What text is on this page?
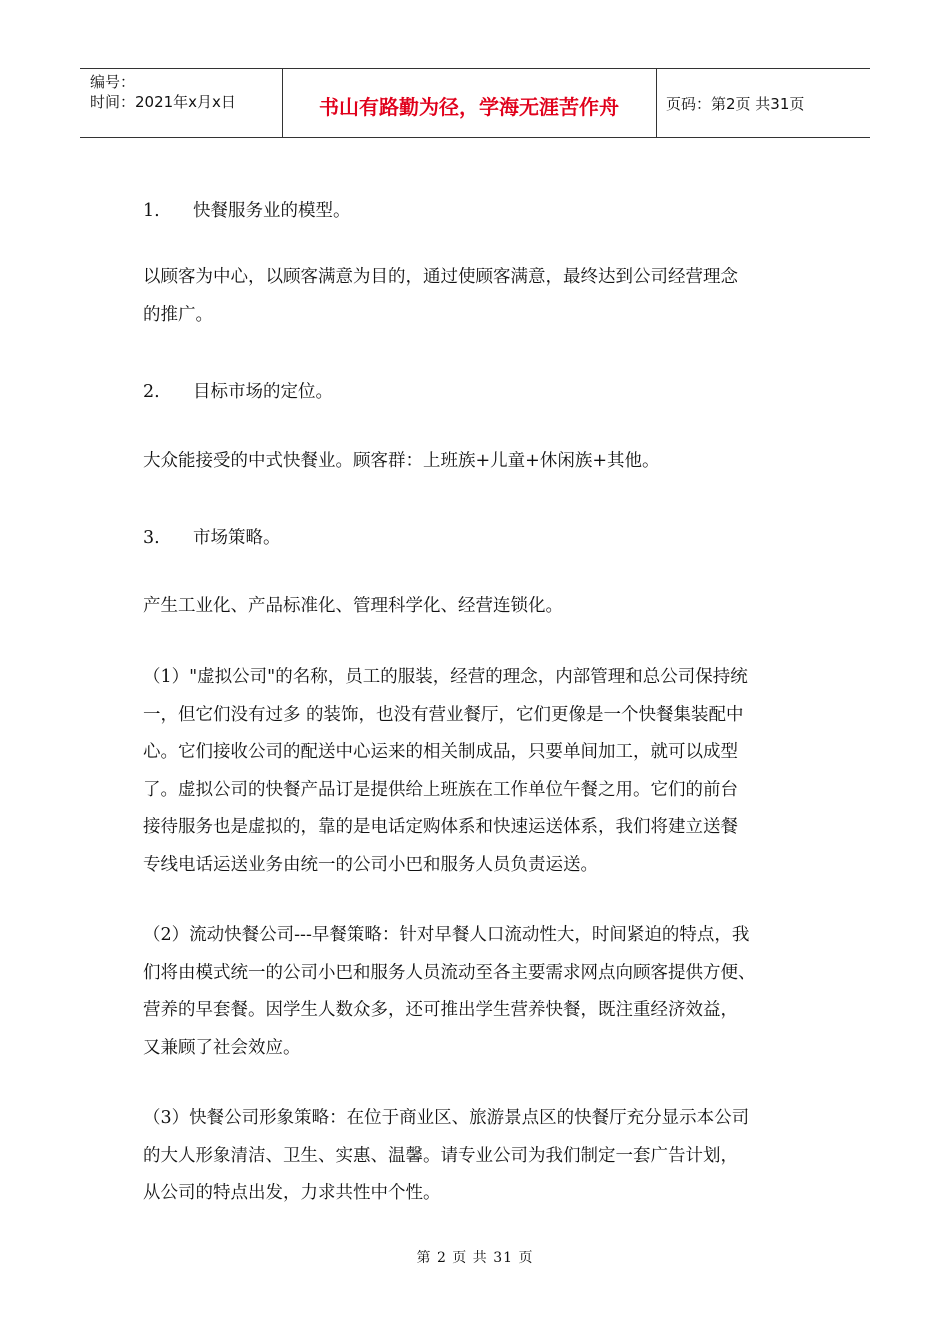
编号：
时间：2021年x月x日	书山有路勤为径，学海无涯苦作舟	页码：第2页 共31页
1. 快餐服务业的模型。
以顾客为中心，以顾客满意为目的，通过使顾客满意，最终达到公司经营理念
的推广。
2. 目标市场的定位。
大众能接受的中式快餐业。顾客群：上班族+儿童+休闲族+其他。
3. 市场策略。
产生工业化、产品标准化、管理科学化、经营连锁化。
（1）"虚拟公司"的名称，员工的服装，经营的理念，内部管理和总公司保持统
一，但它们没有过多 的装饰，也没有营业餐厅，它们更像是一个快餐集装配中
心。它们接收公司的配送中心运来的相关制成品，只要单间加工，就可以成型
了。虚拟公司的快餐产品订是提供给上班族在工作单位午餐之用。它们的前台
接待服务也是虚拟的，靠的是电话定购体系和快速运送体系，我们将建立送餐
专线电话运送业务由统一的公司小巴和服务人员负责运送。
（2）流动快餐公司---早餐策略：针对早餐人口流动性大，时间紧迫的特点，我
们将由模式统一的公司小巴和服务人员流动至各主要需求网点向顾客提供方便、
营养的早套餐。因学生人数众多，还可推出学生营养快餐，既注重经济效益，
又兼顾了社会效应。
（3）快餐公司形象策略：在位于商业区、旅游景点区的快餐厅充分显示本公司
的大人形象清洁、卫生、实惠、温馨。请专业公司为我们制定一套广告计划，
从公司的特点出发，力求共性中个性。
第 2 页 共 31 页
